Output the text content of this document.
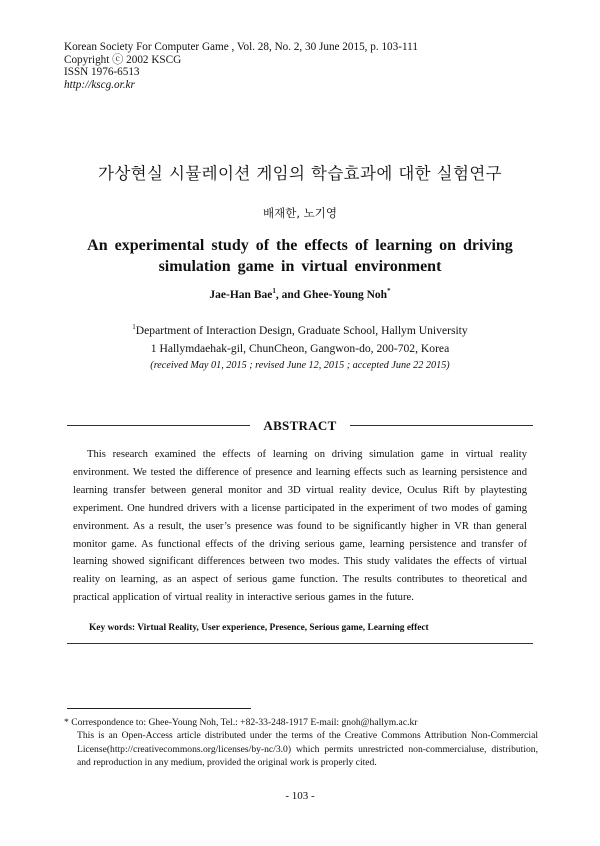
Korean Society For Computer Game , Vol. 28, No. 2, 30 June 2015, p. 103-111
Copyright ⓒ 2002 KSCG
ISSN 1976-6513
http://kscg.or.kr
가상현실 시뮬레이션 게임의 학습효과에 대한 실험연구
배재한, 노기영
An experimental study of the effects of learning on driving simulation game in virtual environment
Jae-Han Bae$^1$, and Ghee-Young Noh*
$^1$Department of Interaction Design, Graduate School, Hallym University
1 Hallymdaehak-gil, ChunCheon, Gangwon-do, 200-702, Korea
(received May 01, 2015 ; revised June 12, 2015 ; accepted June 22 2015)
ABSTRACT
This research examined the effects of learning on driving simulation game in virtual reality environment. We tested the difference of presence and learning effects such as learning persistence and learning transfer between general monitor and 3D virtual reality device, Oculus Rift by playtesting experiment. One hundred drivers with a license participated in the experiment of two modes of gaming environment. As a result, the user’s presence was found to be significantly higher in VR than general monitor game. As functional effects of the driving serious game, learning persistence and transfer of learning showed significant differences between two modes. This study validates the effects of virtual reality on learning, as an aspect of serious game function. The results contributes to theoretical and practical application of virtual reality in interactive serious games in the future.
Key words: Virtual Reality, User experience, Presence, Serious game, Learning effect

* Correspondence to: Ghee-Young Noh, Tel.: +82-33-248-1917 E-mail: gnoh@hallym.ac.kr

This is an Open-Access article distributed under the terms of the Creative Commons Attribution Non-Commercial License(http://creativecommons.org/licenses/by-nc/3.0) which permits unrestricted non-commercialuse, distribution, and reproduction in any medium, provided the original work is properly cited.

- 103 -
